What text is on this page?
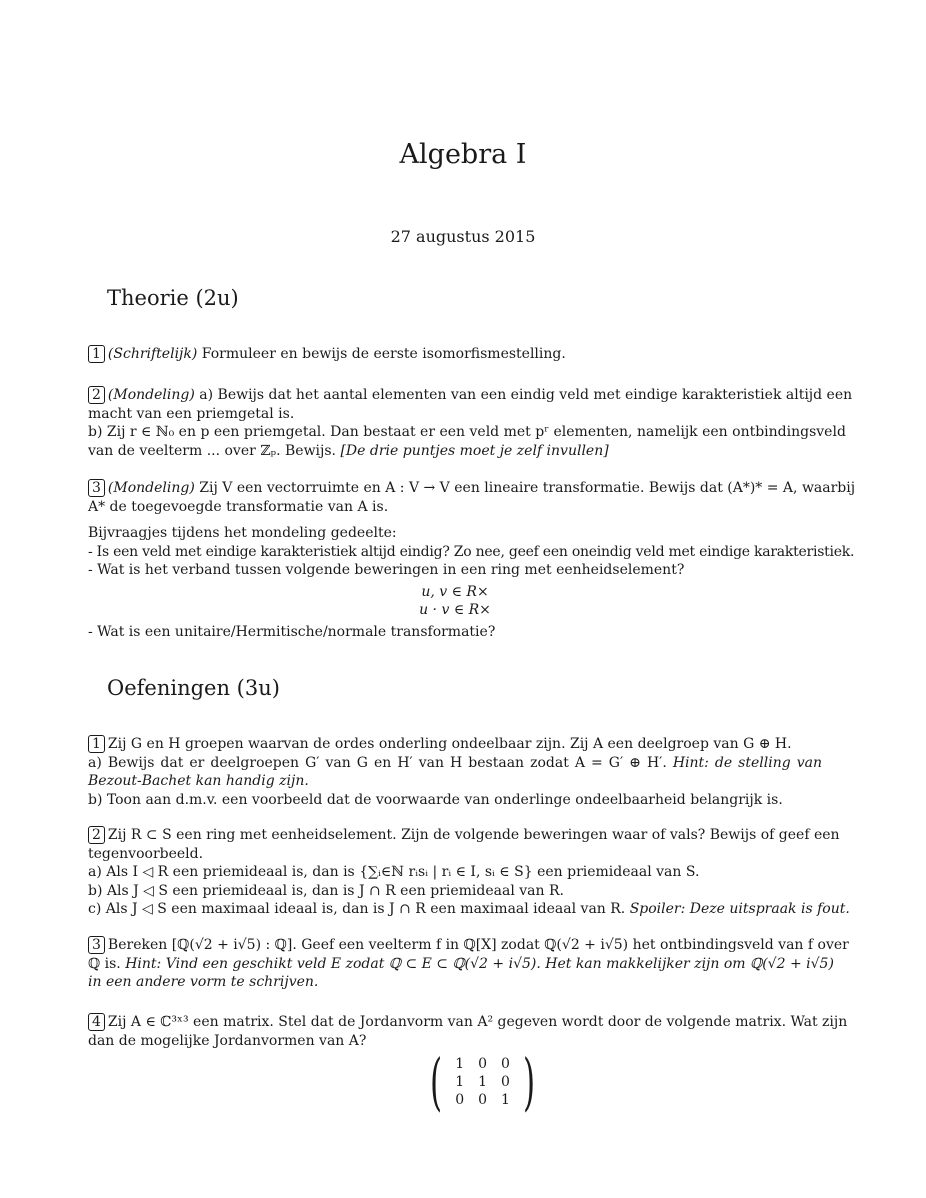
Algebra I
27 augustus 2015
Theorie (2u)
1 (Schriftelijk) Formuleer en bewijs de eerste isomorfismestelling.
2 (Mondeling) a) Bewijs dat het aantal elementen van een eindig veld met eindige karakteristiek altijd een
macht van een priemgetal is.
b) Zij r ∈ ℕ₀ en p een priemgetal. Dan bestaat er een veld met pʳ elementen, namelijk een ontbindingsveld
van de veelterm ... over ℤₚ. Bewijs. [De drie puntjes moet je zelf invullen]
3 (Mondeling) Zij V een vectorruimte en A : V → V een lineaire transformatie. Bewijs dat (A*)* = A, waarbij
A* de toegevoegde transformatie van A is.
Bijvraagjes tijdens het mondeling gedeelte:
- Is een veld met eindige karakteristiek altijd eindig? Zo nee, geef een oneindig veld met eindige karakteristiek.
- Wat is het verband tussen volgende beweringen in een ring met eenheidselement?
u, v ∈ R×
u · v ∈ R×
- Wat is een unitaire/Hermitische/normale transformatie?
Oefeningen (3u)
1 Zij G en H groepen waarvan de ordes onderling ondeelbaar zijn. Zij A een deelgroep van G ⊕ H.
a) Bewijs dat er deelgroepen G′ van G en H′ van H bestaan zodat A = G′ ⊕ H′. Hint: de stelling van
Bezout-Bachet kan handig zijn.
b) Toon aan d.m.v. een voorbeeld dat de voorwaarde van onderlinge ondeelbaarheid belangrijk is.
2 Zij R ⊂ S een ring met eenheidselement. Zijn de volgende beweringen waar of vals? Bewijs of geef een
tegenvoorbeeld.
a) Als I ◁ R een priemideaal is, dan is {∑ᵢ∈ℕ rᵢsᵢ | rᵢ ∈ I, sᵢ ∈ S} een priemideaal van S.
b) Als J ◁ S een priemideaal is, dan is J ∩ R een priemideaal van R.
c) Als J ◁ S een maximaal ideaal is, dan is J ∩ R een maximaal ideaal van R. Spoiler: Deze uitspraak is fout.
3 Bereken [ℚ(√2 + i√5) : ℚ]. Geef een veelterm f in ℚ[X] zodat ℚ(√2 + i√5) het ontbindingsveld van f over
ℚ is. Hint: Vind een geschikt veld E zodat ℚ ⊂ E ⊂ ℚ(√2 + i√5). Het kan makkelijker zijn om ℚ(√2 + i√5)
in een andere vorm te schrijven.
4 Zij A ∈ ℂ³ˣ³ een matrix. Stel dat de Jordanvorm van A² gegeven wordt door de volgende matrix. Wat zijn
dan de mogelijke Jordanvormen van A?
( 1	0	0
1	1	0
0	0	1 )
